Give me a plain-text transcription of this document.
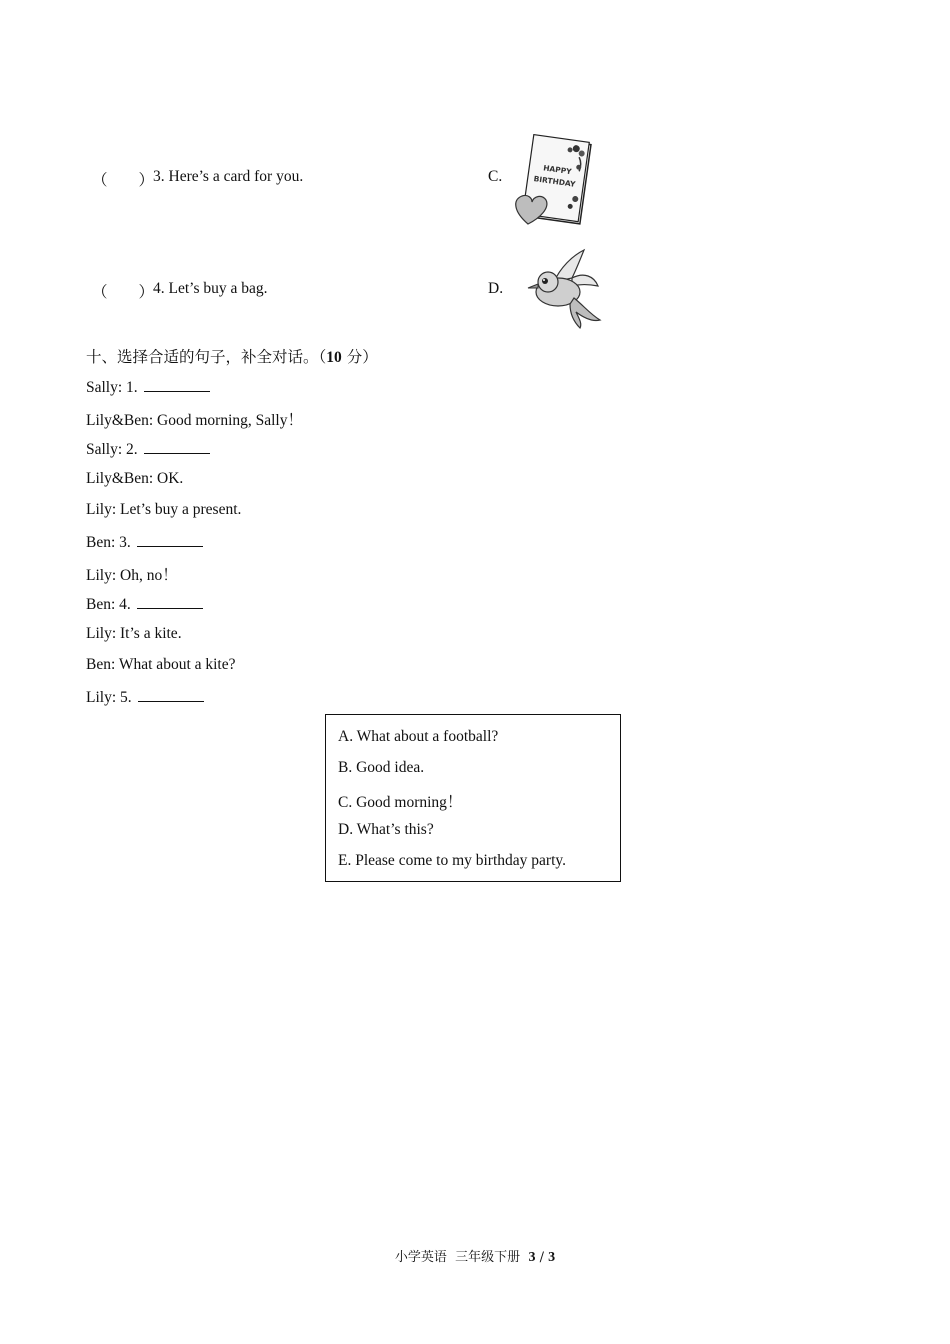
（　　）
3. Here’s a card for you.	C.	HAPPY
BIRTHDAY
（　　）
4. Let’s buy a bag.	D.
十、选择合适的句子，补全对话。（10 分）
Sally: 1.
Lily&Ben: Good morning, Sally！
Sally: 2.
Lily&Ben: OK.
Lily: Let’s buy a present.
Ben: 3.
Lily: Oh, no！
Ben: 4.
Lily: It’s a kite.
Ben: What about a kite?
Lily: 5.
A. What about a football?
B. Good idea.
C. Good morning！
D. What’s this?
E. Please come to my birthday party.
小学英语  三年级下册  3 / 3
